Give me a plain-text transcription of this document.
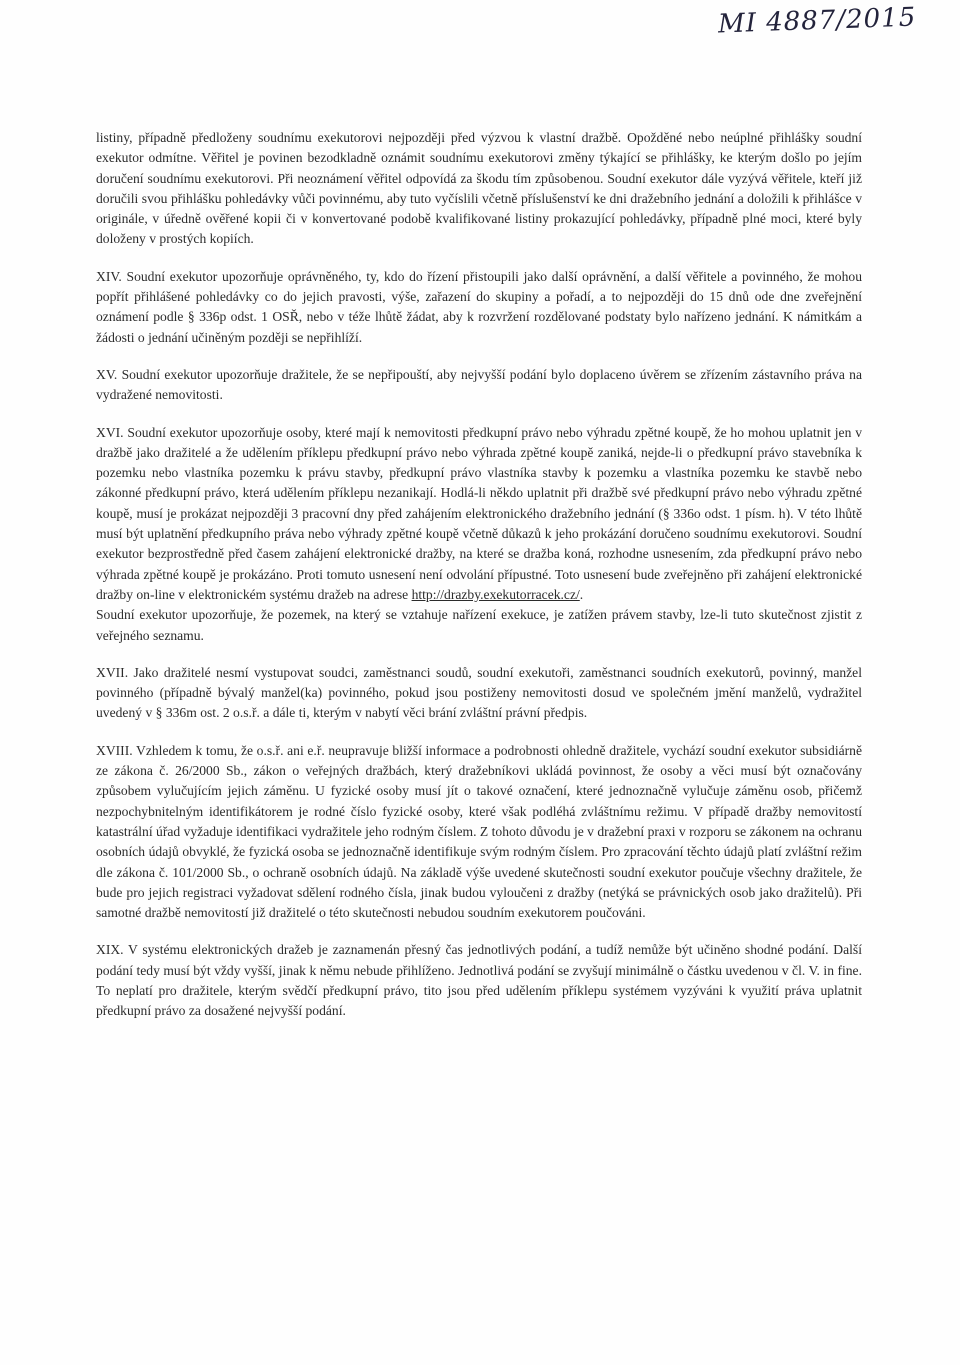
MI 4887/2015

listiny, případně předloženy soudnímu exekutorovi nejpozději před výzvou k vlastní dražbě. Opožděné nebo neúplné přihlášky soudní exekutor odmítne. Věřitel je povinen bezodkladně oznámit soudnímu exekutorovi změny týkající se přihlášky, ke kterým došlo po jejím doručení soudnímu exekutorovi. Při neoznámení věřitel odpovídá za škodu tím způsobenou. Soudní exekutor dále vyzývá věřitele, kteří již doručili svou přihlášku pohledávky vůči povinnému, aby tuto vyčíslili včetně příslušenství ke dni dražebního jednání a doložili k přihlášce v originále, v úředně ověřené kopii či v konvertované podobě kvalifikované listiny prokazující pohledávky, případně plné moci, které byly doloženy v prostých kopiích.

XIV. Soudní exekutor upozorňuje oprávněného, ty, kdo do řízení přistoupili jako další oprávnění, a další věřitele a povinného, že mohou popřít přihlášené pohledávky co do jejich pravosti, výše, zařazení do skupiny a pořadí, a to nejpozději do 15 dnů ode dne zveřejnění oznámení podle § 336p odst. 1 OSŘ, nebo v téže lhůtě žádat, aby k rozvržení rozdělované podstaty bylo nařízeno jednání. K námitkám a žádosti o jednání učiněným později se nepřihlíží.

XV. Soudní exekutor upozorňuje dražitele, že se nepřipouští, aby nejvyšší podání bylo doplaceno úvěrem se zřízením zástavního práva na vydražené nemovitosti.

XVI. Soudní exekutor upozorňuje osoby, které mají k nemovitosti předkupní právo nebo výhradu zpětné koupě, že ho mohou uplatnit jen v dražbě jako dražitelé a že udělením příklepu předkupní právo nebo výhrada zpětné koupě zaniká, nejde-li o předkupní právo stavebníka k pozemku nebo vlastníka pozemku k právu stavby, předkupní právo vlastníka stavby k pozemku a vlastníka pozemku ke stavbě nebo zákonné předkupní právo, která udělením příklepu nezanikají. Hodlá-li někdo uplatnit při dražbě své předkupní právo nebo výhradu zpětné koupě, musí je prokázat nejpozději 3 pracovní dny před zahájením elektronického dražebního jednání (§ 336o odst. 1 písm. h). V této lhůtě musí být uplatnění předkupního práva nebo výhrady zpětné koupě včetně důkazů k jeho prokázání doručeno soudnímu exekutorovi. Soudní exekutor bezprostředně před časem zahájení elektronické dražby, na které se dražba koná, rozhodne usnesením, zda předkupní právo nebo výhrada zpětné koupě je prokázáno. Proti tomuto usnesení není odvolání přípustné. Toto usnesení bude zveřejněno při zahájení elektronické dražby on-line v elektronickém systému dražeb na adrese http://drazby.exekutorracek.cz/.

Soudní exekutor upozorňuje, že pozemek, na který se vztahuje nařízení exekuce, je zatížen právem stavby, lze-li tuto skutečnost zjistit z veřejného seznamu.

XVII. Jako dražitelé nesmí vystupovat soudci, zaměstnanci soudů, soudní exekutoři, zaměstnanci soudních exekutorů, povinný, manžel povinného (případně bývalý manžel(ka) povinného, pokud jsou postiženy nemovitosti dosud ve společném jmění manželů, vydražitel uvedený v § 336m ost. 2 o.s.ř. a dále ti, kterým v nabytí věci brání zvláštní právní předpis.

XVIII. Vzhledem k tomu, že o.s.ř. ani e.ř. neupravuje bližší informace a podrobnosti ohledně dražitele, vychází soudní exekutor subsidiárně ze zákona č. 26/2000 Sb., zákon o veřejných dražbách, který dražebníkovi ukládá povinnost, že osoby a věci musí být označovány způsobem vylučujícím jejich záměnu. U fyzické osoby musí jít o takové označení, které jednoznačně vylučuje záměnu osob, přičemž nezpochybnitelným identifikátorem je rodné číslo fyzické osoby, které však podléhá zvláštnímu režimu. V případě dražby nemovitostí katastrální úřad vyžaduje identifikaci vydražitele jeho rodným číslem. Z tohoto důvodu je v dražební praxi v rozporu se zákonem na ochranu osobních údajů obvyklé, že fyzická osoba se jednoznačně identifikuje svým rodným číslem. Pro zpracování těchto údajů platí zvláštní režim dle zákona č. 101/2000 Sb., o ochraně osobních údajů. Na základě výše uvedené skutečnosti soudní exekutor poučuje všechny dražitele, že bude pro jejich registraci vyžadovat sdělení rodného čísla, jinak budou vyloučeni z dražby (netýká se právnických osob jako dražitelů). Při samotné dražbě nemovitostí již dražitelé o této skutečnosti nebudou soudním exekutorem poučováni.

XIX. V systému elektronických dražeb je zaznamenán přesný čas jednotlivých podání, a tudíž nemůže být učiněno shodné podání. Další podání tedy musí být vždy vyšší, jinak k němu nebude přihlíženo. Jednotlivá podání se zvyšují minimálně o částku uvedenou v čl. V. in fine. To neplatí pro dražitele, kterým svědčí předkupní právo, tito jsou před udělením příklepu systémem vyzýváni k využití práva uplatnit předkupní právo za dosažené nejvyšší podání.
